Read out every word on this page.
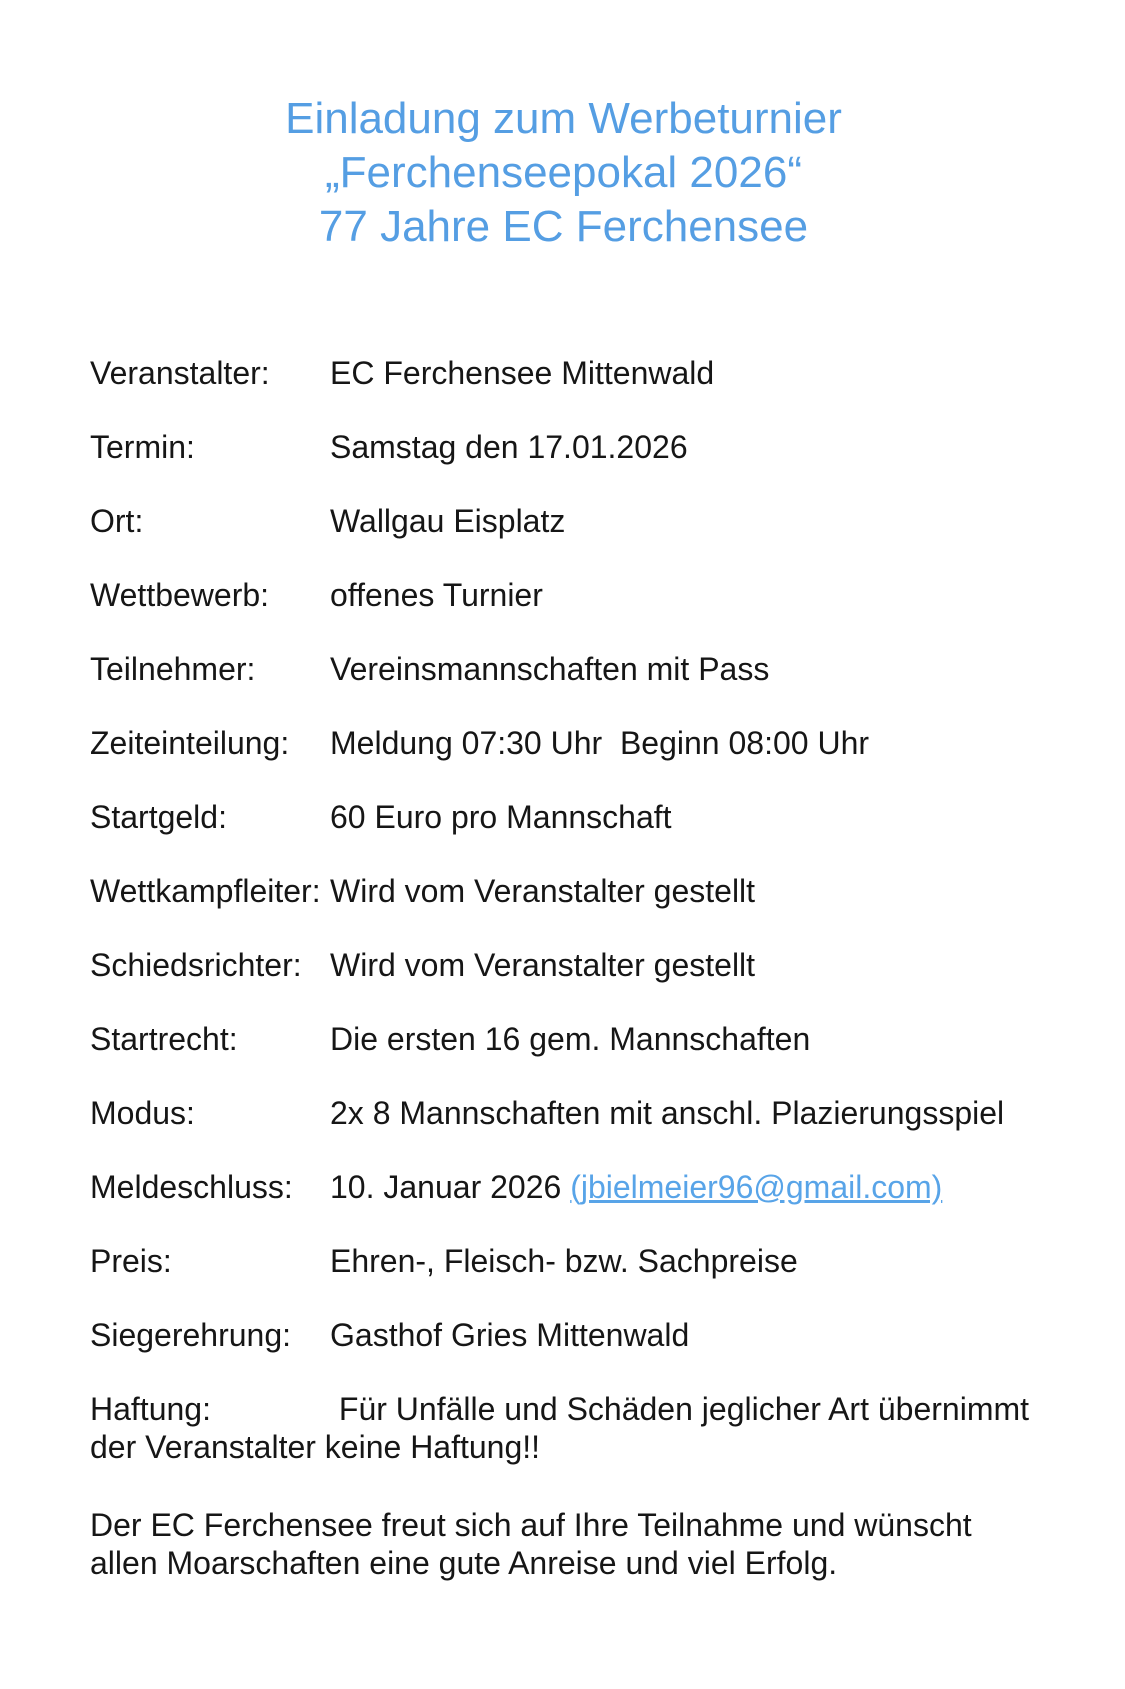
Einladung zum Werbeturnier
„Ferchenseepokal 2026“
77 Jahre EC Ferchensee

Veranstalter: EC Ferchensee Mittenwald

Termin:	Samstag den 17.01.2026

Ort:	Wallgau Eisplatz

Wettbewerb: offenes Turnier

Teilnehmer: Vereinsmannschaften mit Pass

Zeiteinteilung: Meldung 07:30 Uhr  Beginn 08:00 Uhr

Startgeld:	60 Euro pro Mannschaft

Wettkampfleiter: Wird vom Veranstalter gestellt

Schiedsrichter: Wird vom Veranstalter gestellt

Startrecht:	Die ersten 16 gem. Mannschaften

Modus:	2x 8 Mannschaften mit anschl. Plazierungsspiel

Meldeschluss: 10. Januar 2026 (jbielmeier96@gmail.com)

Preis:	Ehren-, Fleisch- bzw. Sachpreise

Siegerehrung: Gasthof Gries Mittenwald

Haftung:	Für Unfälle und Schäden jeglicher Art übernimmt der Veranstalter keine Haftung!!

Der EC Ferchensee freut sich auf Ihre Teilnahme und wünscht allen Moarschaften eine gute Anreise und viel Erfolg.
